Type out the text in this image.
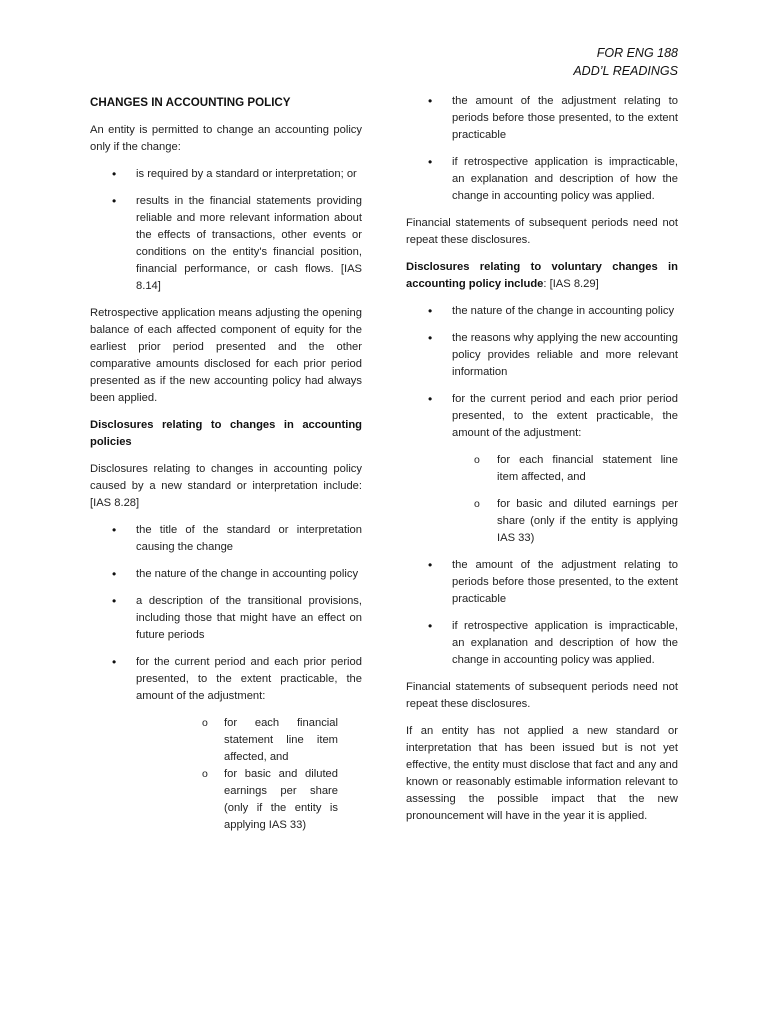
FOR ENG 188
ADD’L READINGS

CHANGES IN ACCOUNTING POLICY

An entity is permitted to change an accounting policy only if the change:

• is required by a standard or interpretation; or
• results in the financial statements providing reliable and more relevant information about the effects of transactions, other events or conditions on the entity's financial position, financial performance, or cash flows. [IAS 8.14]

Retrospective application means adjusting the opening balance of each affected component of equity for the earliest prior period presented and the other comparative amounts disclosed for each prior period presented as if the new accounting policy had always been applied.

Disclosures relating to changes in accounting policies

Disclosures relating to changes in accounting policy caused by a new standard or interpretation include: [IAS 8.28]

• the title of the standard or interpretation causing the change
• the nature of the change in accounting policy
• a description of the transitional provisions, including those that might have an effect on future periods
• for the current period and each prior period presented, to the extent practicable, the amount of the adjustment:
o for each financial statement line item affected, and
o for basic and diluted earnings per share (only if the entity is applying IAS 33)
• the amount of the adjustment relating to periods before those presented, to the extent practicable
• if retrospective application is impracticable, an explanation and description of how the change in accounting policy was applied.

Financial statements of subsequent periods need not repeat these disclosures.

Disclosures relating to voluntary changes in accounting policy include: [IAS 8.29]

• the nature of the change in accounting policy
• the reasons why applying the new accounting policy provides reliable and more relevant information
• for the current period and each prior period presented, to the extent practicable, the amount of the adjustment:
o for each financial statement line item affected, and
o for basic and diluted earnings per share (only if the entity is applying IAS 33)
• the amount of the adjustment relating to periods before those presented, to the extent practicable
• if retrospective application is impracticable, an explanation and description of how the change in accounting policy was applied.

Financial statements of subsequent periods need not repeat these disclosures.

If an entity has not applied a new standard or interpretation that has been issued but is not yet effective, the entity must disclose that fact and any and known or reasonably estimable information relevant to assessing the possible impact that the new pronouncement will have in the year it is applied.
